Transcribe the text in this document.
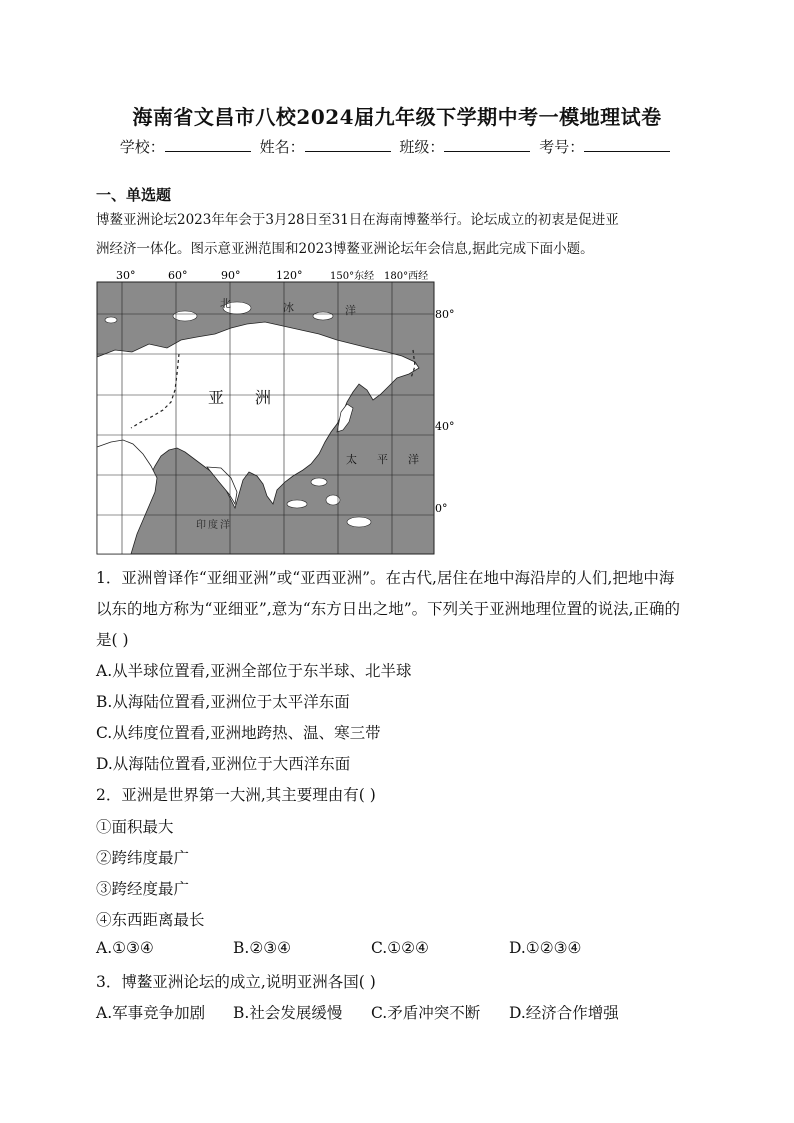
海南省文昌市八校2024届九年级下学期中考一模地理试卷
学校：	姓名：	班级：	考号：
一、单选题
博鳌亚洲论坛2023年年会于3月28日至31日在海南博鳌举行。论坛成立的初衷是促进亚
洲经济一体化。图示意亚洲范围和2023博鳌亚洲论坛年会信息,据此完成下面小题。
30°	60°	90°	120°	150°东经 180°西经
北	冰	洋
亚 洲
太 平 洋
印 度 洋
80°
40°
0°
1．亚洲曾译作“亚细亚洲”或“亚西亚洲”。在古代,居住在地中海沿岸的人们,把地中海
以东的地方称为“亚细亚”,意为“东方日出之地”。下列关于亚洲地理位置的说法,正确的
是( )
A.从半球位置看,亚洲全部位于东半球、北半球
B.从海陆位置看,亚洲位于太平洋东面
C.从纬度位置看,亚洲地跨热、温、寒三带
D.从海陆位置看,亚洲位于大西洋东面
2．亚洲是世界第一大洲,其主要理由有( )
①面积最大
②跨纬度最广
③跨经度最广
④东西距离最长
A.①③④	B.②③④	C.①②④	D.①②③④
3．博鳌亚洲论坛的成立,说明亚洲各国( )
A.军事竞争加剧 B.社会发展缓慢 C.矛盾冲突不断 D.经济合作增强
